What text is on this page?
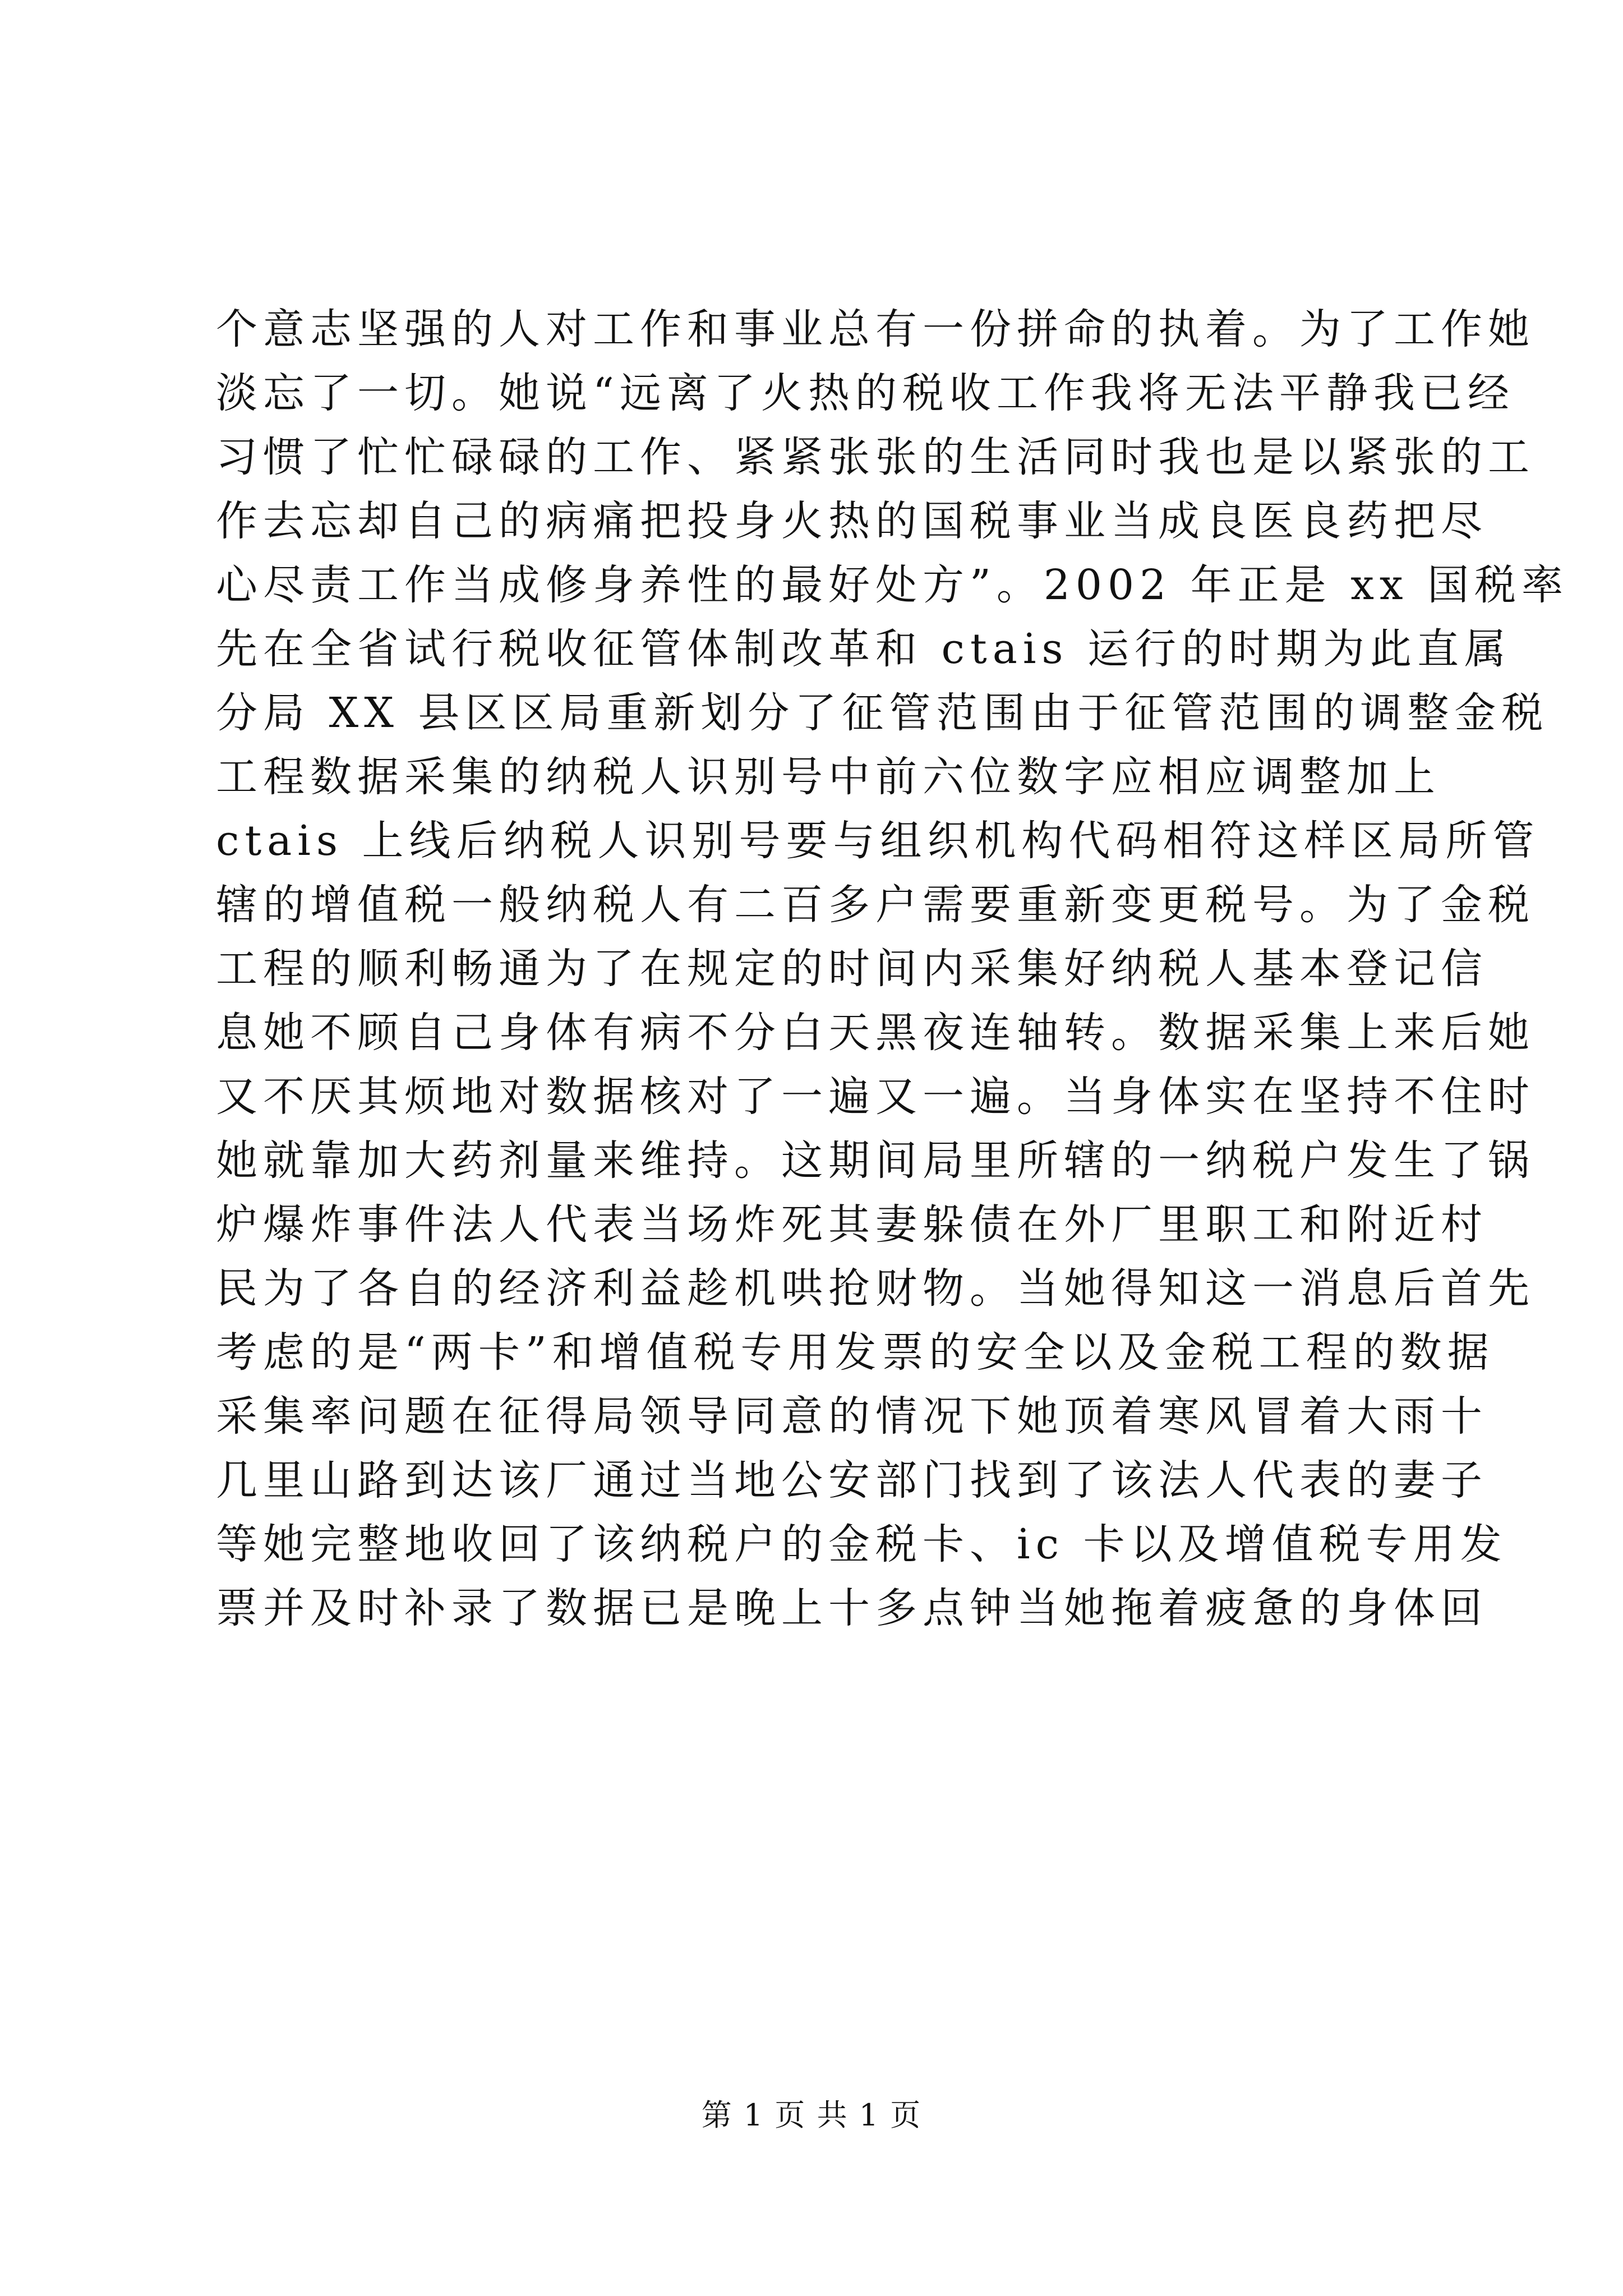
个意志坚强的人对工作和事业总有一份拼命的执着。为了工作她
淡忘了一切。她说“远离了火热的税收工作我将无法平静我已经
习惯了忙忙碌碌的工作、紧紧张张的生活同时我也是以紧张的工
作去忘却自己的病痛把投身火热的国税事业当成良医良药把尽
心尽责工作当成修身养性的最好处方”。2002 年正是 xx 国税率
先在全省试行税收征管体制改革和 ctais 运行的时期为此直属
分局 XX 县区区局重新划分了征管范围由于征管范围的调整金税
工程数据采集的纳税人识别号中前六位数字应相应调整加上
ctais 上线后纳税人识别号要与组织机构代码相符这样区局所管
辖的增值税一般纳税人有二百多户需要重新变更税号。为了金税
工程的顺利畅通为了在规定的时间内采集好纳税人基本登记信
息她不顾自己身体有病不分白天黑夜连轴转。数据采集上来后她
又不厌其烦地对数据核对了一遍又一遍。当身体实在坚持不住时
她就靠加大药剂量来维持。这期间局里所辖的一纳税户发生了锅
炉爆炸事件法人代表当场炸死其妻躲债在外厂里职工和附近村
民为了各自的经济利益趁机哄抢财物。当她得知这一消息后首先
考虑的是“两卡”和增值税专用发票的安全以及金税工程的数据
采集率问题在征得局领导同意的情况下她顶着寒风冒着大雨十
几里山路到达该厂通过当地公安部门找到了该法人代表的妻子
等她完整地收回了该纳税户的金税卡、ic 卡以及增值税专用发
票并及时补录了数据已是晚上十多点钟当她拖着疲惫的身体回
第 1 页 共 1 页
